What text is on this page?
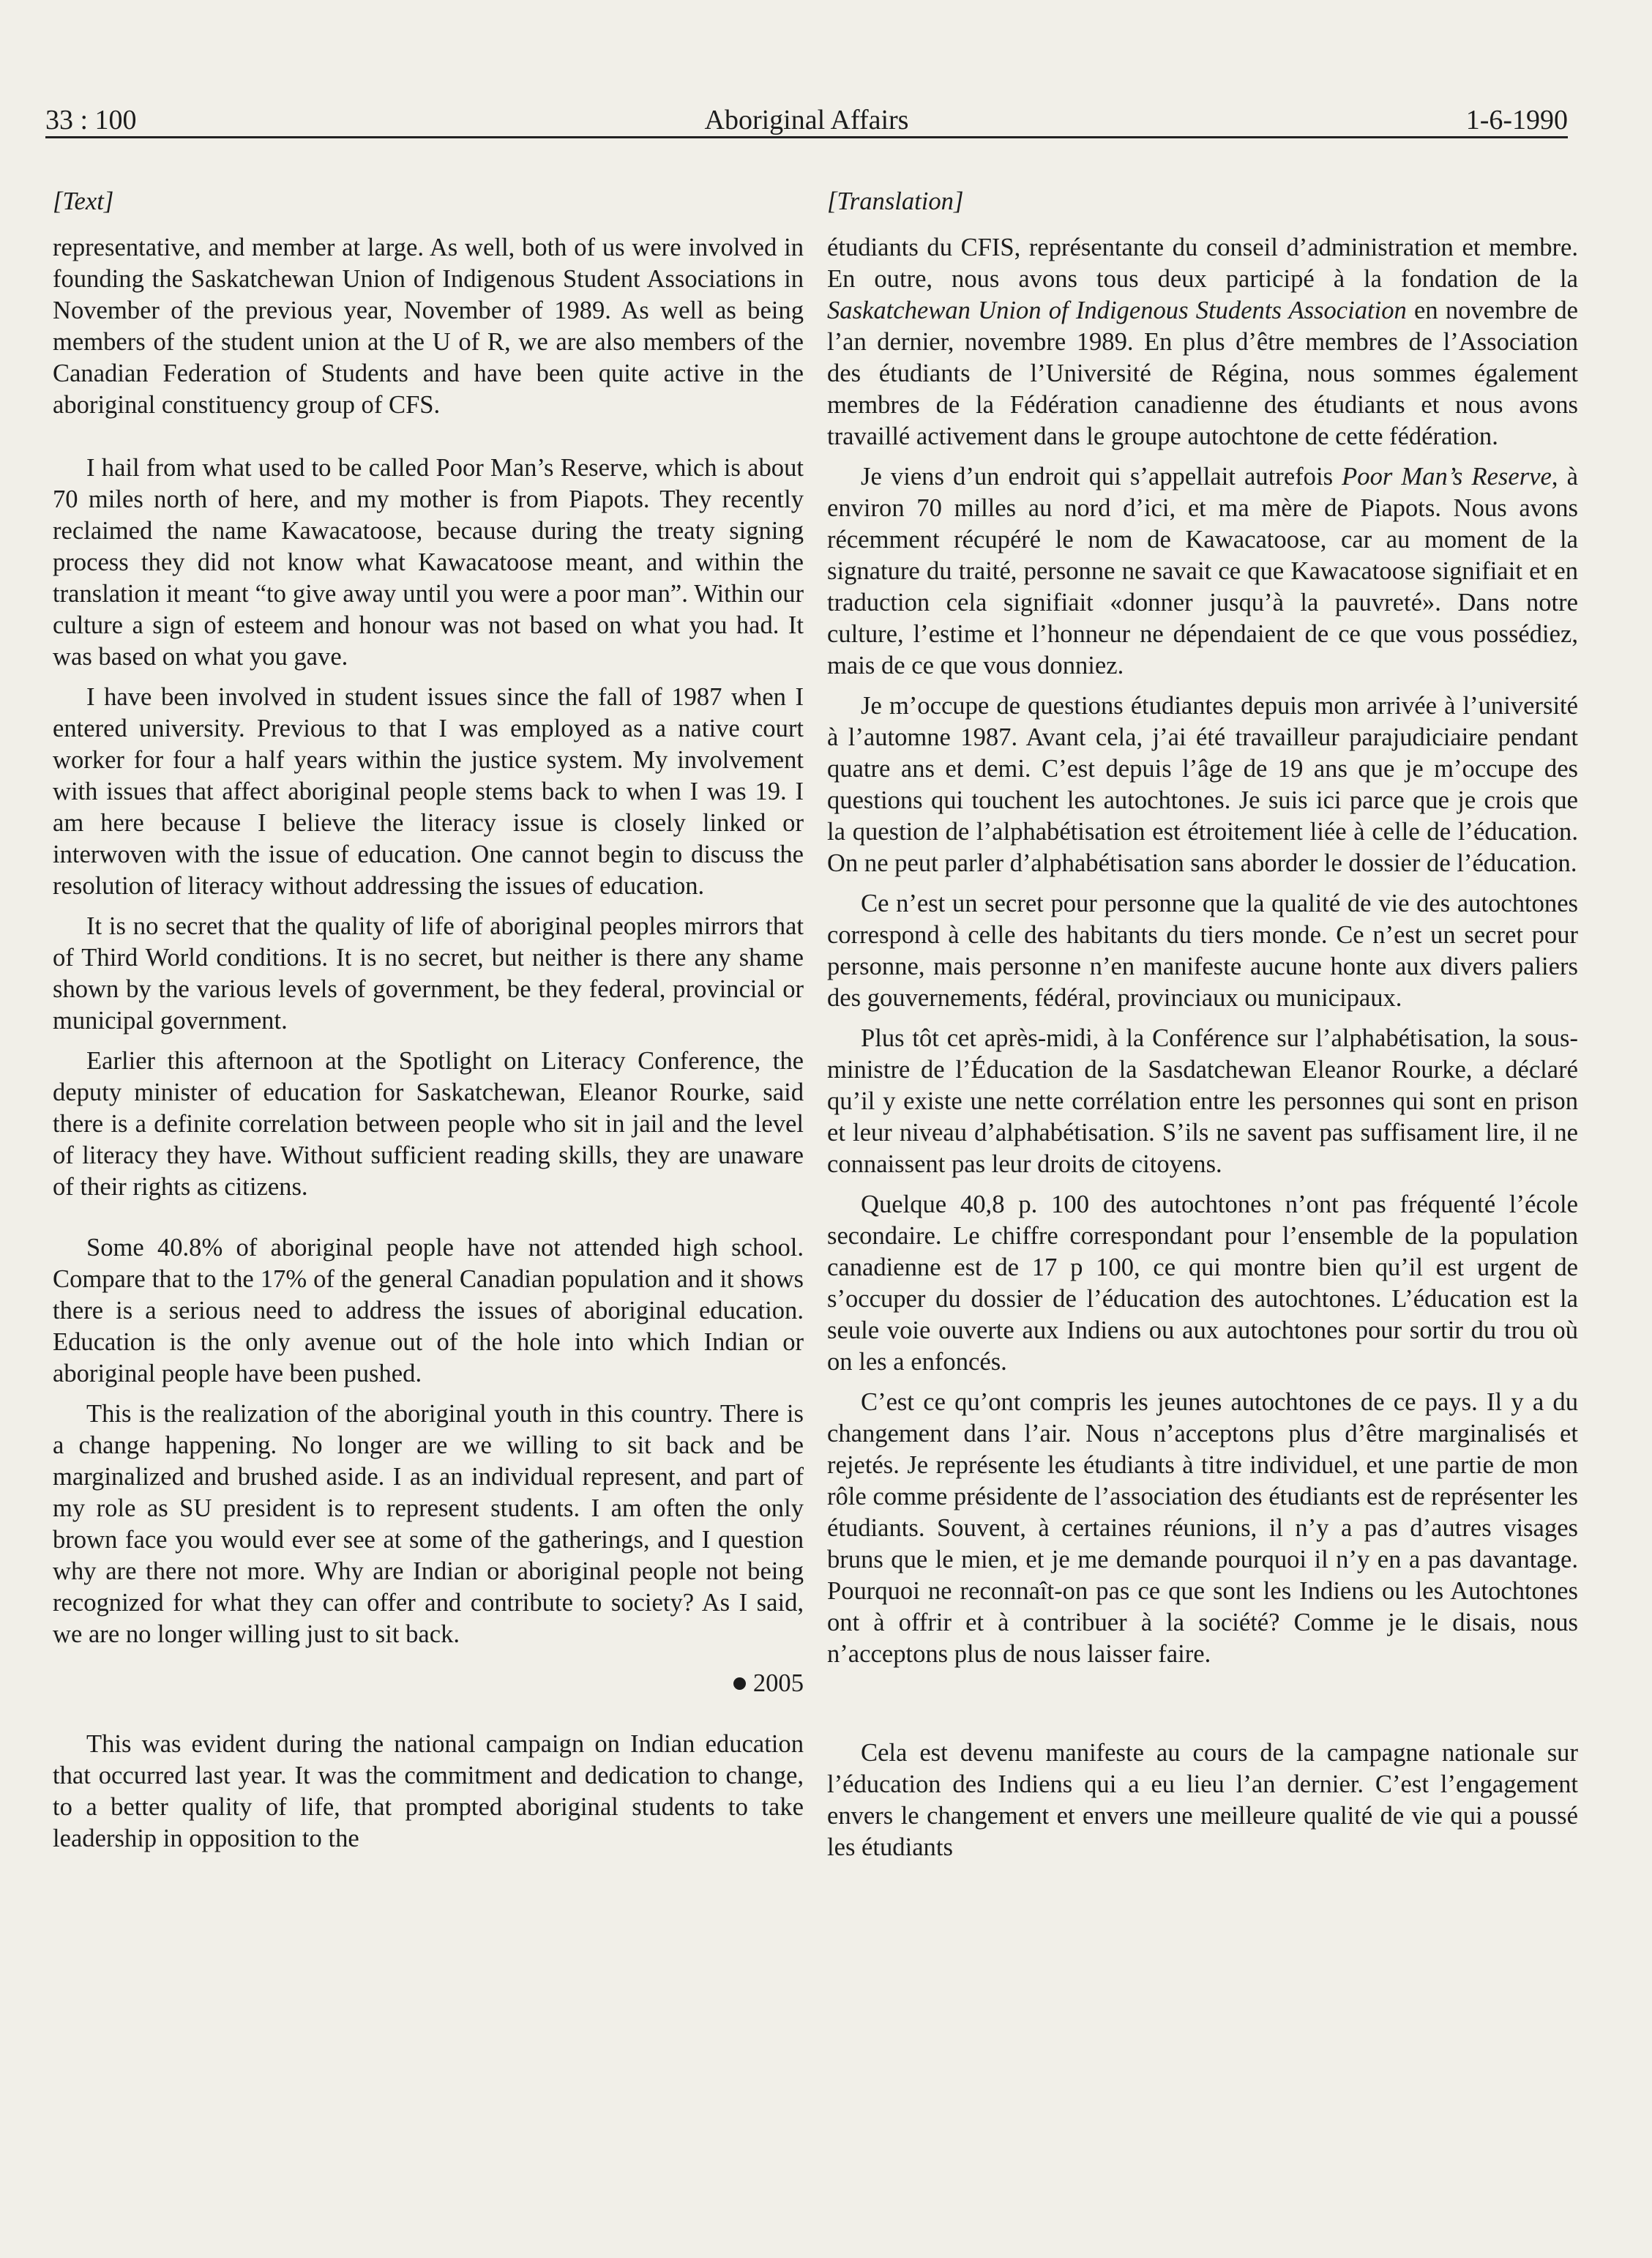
33 : 100	Aboriginal Affairs	1-6-1990
[Text]

representative, and member at large. As well, both of us were involved in founding the Saskatchewan Union of Indigenous Student Associations in November of the previous year, November of 1989. As well as being members of the student union at the U of R, we are also members of the Canadian Federation of Students and have been quite active in the aboriginal constituency group of CFS.

I hail from what used to be called Poor Man’s Reserve, which is about 70 miles north of here, and my mother is from Piapots. They recently reclaimed the name Kawacatoose, because during the treaty signing process they did not know what Kawacatoose meant, and within the translation it meant “to give away until you were a poor man”. Within our culture a sign of esteem and honour was not based on what you had. It was based on what you gave.

I have been involved in student issues since the fall of 1987 when I entered university. Previous to that I was employed as a native court worker for four a half years within the justice system. My involvement with issues that affect aboriginal people stems back to when I was 19. I am here because I believe the literacy issue is closely linked or interwoven with the issue of education. One cannot begin to discuss the resolution of literacy without addressing the issues of education.

It is no secret that the quality of life of aboriginal peoples mirrors that of Third World conditions. It is no secret, but neither is there any shame shown by the various levels of government, be they federal, provincial or municipal government.

Earlier this afternoon at the Spotlight on Literacy Conference, the deputy minister of education for Saskatchewan, Eleanor Rourke, said there is a definite correlation between people who sit in jail and the level of literacy they have. Without sufficient reading skills, they are unaware of their rights as citizens.

Some 40.8% of aboriginal people have not attended high school. Compare that to the 17% of the general Canadian population and it shows there is a serious need to address the issues of aboriginal education. Education is the only avenue out of the hole into which Indian or aboriginal people have been pushed.

This is the realization of the aboriginal youth in this country. There is a change happening. No longer are we willing to sit back and be marginalized and brushed aside. I as an individual represent, and part of my role as SU president is to represent students. I am often the only brown face you would ever see at some of the gatherings, and I question why are there not more. Why are Indian or aboriginal people not being recognized for what they can offer and contribute to society? As I said, we are no longer willing just to sit back.

2005

This was evident during the national campaign on Indian education that occurred last year. It was the commitment and dedication to change, to a better quality of life, that prompted aboriginal students to take leadership in opposition to the

[Translation]

étudiants du CFIS, représentante du conseil d’administration et membre. En outre, nous avons tous deux participé à la fondation de la Saskatchewan Union of Indigenous Students Association en novembre de l’an dernier, novembre 1989. En plus d’être membres de l’Association des étudiants de l’Université de Régina, nous sommes également membres de la Fédération canadienne des étudiants et nous avons travaillé activement dans le groupe autochtone de cette fédération.

Je viens d’un endroit qui s’appellait autrefois Poor Man’s Reserve, à environ 70 milles au nord d’ici, et ma mère de Piapots. Nous avons récemment récupéré le nom de Kawacatoose, car au moment de la signature du traité, personne ne savait ce que Kawacatoose signifiait et en traduction cela signifiait «donner jusqu’à la pauvreté». Dans notre culture, l’estime et l’honneur ne dépendaient de ce que vous possédiez, mais de ce que vous donniez.

Je m’occupe de questions étudiantes depuis mon arrivée à l’université à l’automne 1987. Avant cela, j’ai été travailleur parajudiciaire pendant quatre ans et demi. C’est depuis l’âge de 19 ans que je m’occupe des questions qui touchent les autochtones. Je suis ici parce que je crois que la question de l’alphabétisation est étroitement liée à celle de l’éducation. On ne peut parler d’alphabétisation sans aborder le dossier de l’éducation.

Ce n’est un secret pour personne que la qualité de vie des autochtones correspond à celle des habitants du tiers monde. Ce n’est un secret pour personne, mais personne n’en manifeste aucune honte aux divers paliers des gouvernements, fédéral, provinciaux ou municipaux.

Plus tôt cet après-midi, à la Conférence sur l’alphabétisation, la sous-ministre de l’Éducation de la Sasdatchewan Eleanor Rourke, a déclaré qu’il y existe une nette corrélation entre les personnes qui sont en prison et leur niveau d’alphabétisation. S’ils ne savent pas suffisament lire, il ne connaissent pas leur droits de citoyens.

Quelque 40,8 p. 100 des autochtones n’ont pas fréquenté l’école secondaire. Le chiffre correspondant pour l’ensemble de la population canadienne est de 17 p 100, ce qui montre bien qu’il est urgent de s’occuper du dossier de l’éducation des autochtones. L’éducation est la seule voie ouverte aux Indiens ou aux autochtones pour sortir du trou où on les a enfoncés.

C’est ce qu’ont compris les jeunes autochtones de ce pays. Il y a du changement dans l’air. Nous n’acceptons plus d’être marginalisés et rejetés. Je représente les étudiants à titre individuel, et une partie de mon rôle comme présidente de l’association des étudiants est de représenter les étudiants. Souvent, à certaines réunions, il n’y a pas d’autres visages bruns que le mien, et je me demande pourquoi il n’y en a pas davantage. Pourquoi ne reconnaît-on pas ce que sont les Indiens ou les Autochtones ont à offrir et à contribuer à la société? Comme je le disais, nous n’acceptons plus de nous laisser faire.

Cela est devenu manifeste au cours de la campagne nationale sur l’éducation des Indiens qui a eu lieu l’an dernier. C’est l’engagement envers le changement et envers une meilleure qualité de vie qui a poussé les étudiants
